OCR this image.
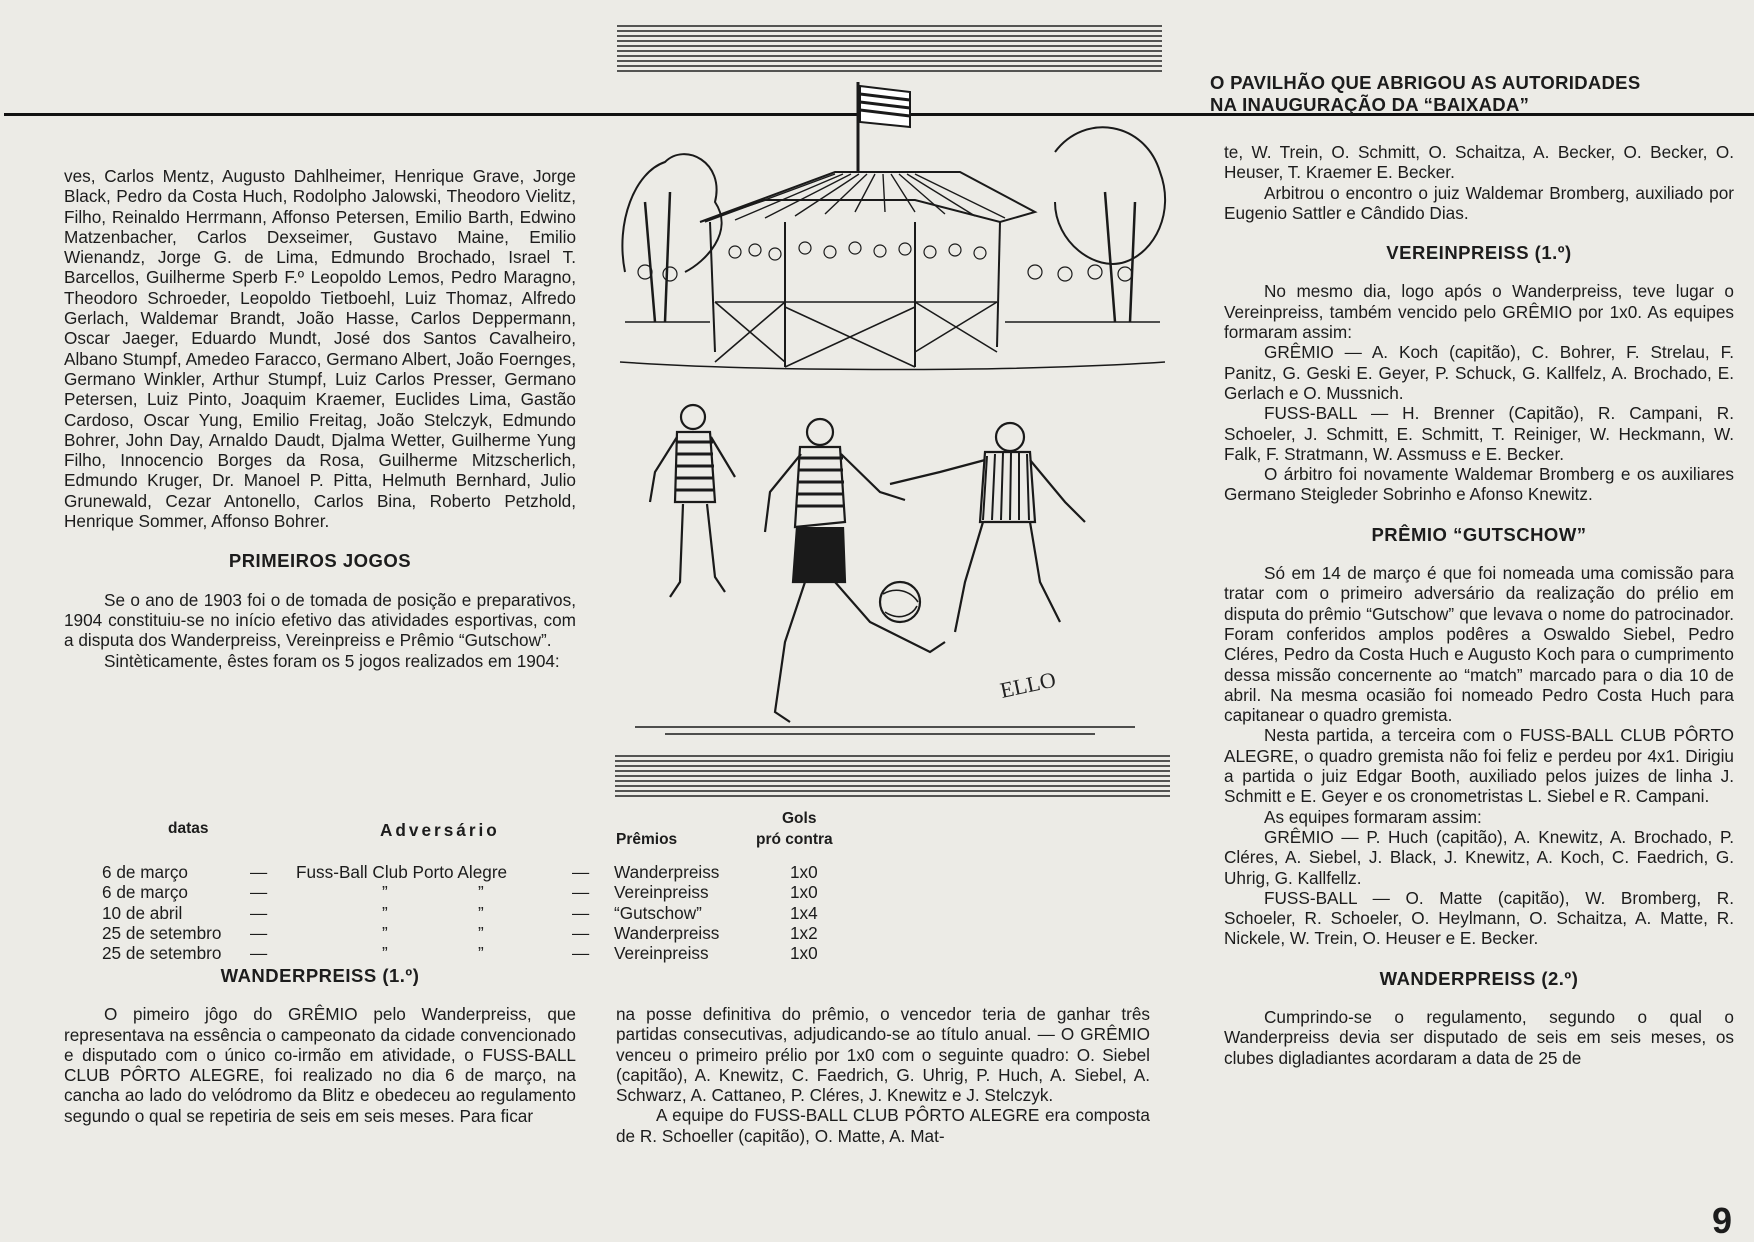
O PAVILHÃO QUE ABRIGOU AS AUTORIDADES
NA INAUGURAÇÃO DA “BAIXADA”

ves, Carlos Mentz, Augusto Dahlheimer, Henrique Grave, Jorge Black, Pedro da Costa Huch, Rodolpho Jalowski, Theodoro Vielitz, Filho, Reinaldo Herrmann, Affonso Petersen, Emilio Barth, Edwino Matzenbacher, Carlos Dexseimer, Gustavo Maine, Emilio Wienandz, Jorge G. de Lima, Edmundo Brochado, Israel T. Barcellos, Guilherme Sperb F.º Leopoldo Lemos, Pedro Maragno, Theodoro Schroeder, Leopoldo Tietboehl, Luiz Thomaz, Alfredo Gerlach, Waldemar Brandt, João Hasse, Carlos Deppermann, Oscar Jaeger, Eduardo Mundt, José dos Santos Cavalheiro, Albano Stumpf, Amedeo Faracco, Germano Albert, João Foernges, Germano Winkler, Arthur Stumpf, Luiz Carlos Presser, Germano Petersen, Luiz Pinto, Joaquim Kraemer, Euclides Lima, Gastão Cardoso, Oscar Yung, Emilio Freitag, João Stelczyk, Edmundo Bohrer, John Day, Arnaldo Daudt, Djalma Wetter, Guilherme Yung Filho, Innocencio Borges da Rosa, Guilherme Mitzscherlich, Edmundo Kruger, Dr. Manoel P. Pitta, Helmuth Bernhard, Julio Grunewald, Cezar Antonello, Carlos Bina, Roberto Petzhold, Henrique Sommer, Affonso Bohrer.

PRIMEIROS JOGOS

Se o ano de 1903 foi o de tomada de posição e preparativos, 1904 constituiu-se no início efetivo das atividades esportivas, com a disputa dos Wanderpreiss, Vereinpreiss e Prêmio “Gutschow”.

Sintèticamente, êstes foram os 5 jogos realizados em 1904:

WANDERPREISS (1.º)

O pimeiro jôgo do GRÊMIO pelo Wanderpreiss, que representava na essência o campeonato da cidade convencionado e disputado com o único co-irmão em atividade, o FUSS-BALL CLUB PÔRTO ALEGRE, foi realizado no dia 6 de março, na cancha ao lado do velódromo da Blitz e obedeceu ao regulamento segundo o qual se repetiria de seis em seis meses. Para ficar

datas	Adversário
Gols
Prêmios	pró contra
6 de março	— Fuss-Ball Club Porto Alegre	— Wanderpreiss	1x0
6 de março	—	”	”	— Vereinpreiss	1x0
10 de abril	—	”	”	— “Gutschow”	1x4
25 de setembro —	”	”	— Wanderpreiss	1x2
25 de setembro —	”	”	— Vereinpreiss	1x0
ELLO

na posse definitiva do prêmio, o vencedor teria de ganhar três partidas consecutivas, adjudicando-se ao título anual. — O GRÊMIO venceu o primeiro prélio por 1x0 com o seguinte quadro: O. Siebel (capitão), A. Knewitz, C. Faedrich, G. Uhrig, P. Huch, A. Siebel, A. Schwarz, A. Cattaneo, P. Cléres, J. Knewitz e J. Stelczyk.

A equipe do FUSS-BALL CLUB PÔRTO ALEGRE era composta de R. Schoeller (capitão), O. Matte, A. Mat-

te, W. Trein, O. Schmitt, O. Schaitza, A. Becker, O. Becker, O. Heuser, T. Kraemer E. Becker.

Arbitrou o encontro o juiz Waldemar Bromberg, auxiliado por Eugenio Sattler e Cândido Dias.

VEREINPREISS (1.º)

No mesmo dia, logo após o Wanderpreiss, teve lugar o Vereinpreiss, também vencido pelo GRÊMIO por 1x0. As equipes formaram assim:

GRÊMIO — A. Koch (capitão), C. Bohrer, F. Strelau, F. Panitz, G. Geski E. Geyer, P. Schuck, G. Kallfelz, A. Brochado, E. Gerlach e O. Mussnich.

FUSS-BALL — H. Brenner (Capitão), R. Campani, R. Schoeler, J. Schmitt, E. Schmitt, T. Reiniger, W. Heckmann, W. Falk, F. Stratmann, W. Assmuss e E. Becker.

O árbitro foi novamente Waldemar Bromberg e os auxiliares Germano Steigleder Sobrinho e Afonso Knewitz.

PRÊMIO “GUTSCHOW”

Só em 14 de março é que foi nomeada uma comissão para tratar com o primeiro adversário da realização do prélio em disputa do prêmio “Gutschow” que levava o nome do patrocinador. Foram conferidos amplos podêres a Oswaldo Siebel, Pedro Cléres, Pedro da Costa Huch e Augusto Koch para o cumprimento dessa missão concernente ao “match” marcado para o dia 10 de abril. Na mesma ocasião foi nomeado Pedro Costa Huch para capitanear o quadro gremista.

Nesta partida, a terceira com o FUSS-BALL CLUB PÔRTO ALEGRE, o quadro gremista não foi feliz e perdeu por 4x1. Dirigiu a partida o juiz Edgar Booth, auxiliado pelos juizes de linha J. Schmitt e E. Geyer e os cronometristas L. Siebel e R. Campani.

As equipes formaram assim:

GRÊMIO — P. Huch (capitão), A. Knewitz, A. Brochado, P. Cléres, A. Siebel, J. Black, J. Knewitz, A. Koch, C. Faedrich, G. Uhrig, G. Kallfellz.

FUSS-BALL — O. Matte (capitão), W. Bromberg, R. Schoeler, R. Schoeler, O. Heylmann, O. Schaitza, A. Matte, R. Nickele, W. Trein, O. Heuser e E. Becker.

WANDERPREISS (2.º)

Cumprindo-se o regulamento, segundo o qual o Wanderpreiss devia ser disputado de seis em seis meses, os clubes digladiantes acordaram a data de 25 de

9
